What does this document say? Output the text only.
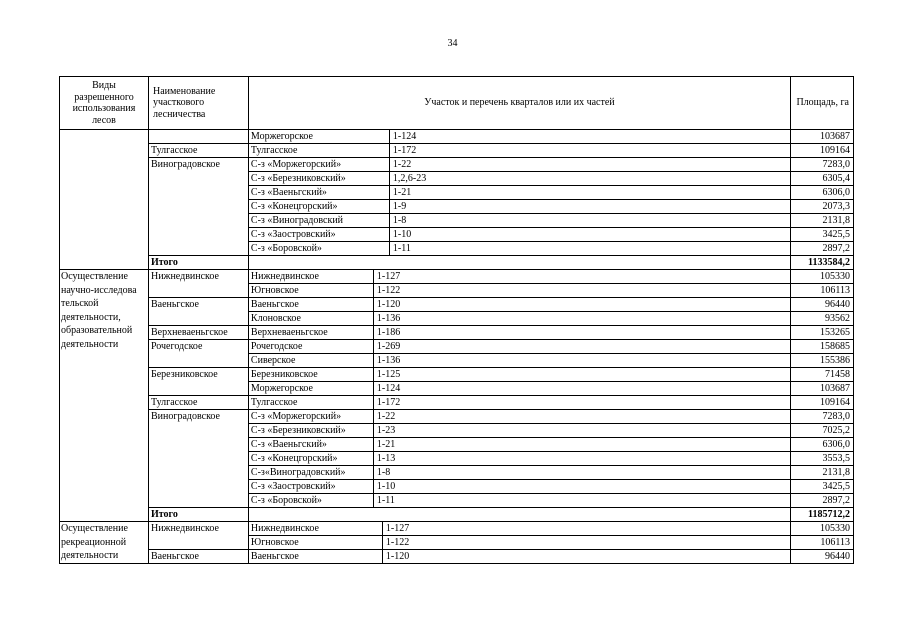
34
Виды разрешенного использования лесов	Наименование участкового лесничества	Участок и перечень кварталов или их частей	Площадь, га

		Моржегорское 1-124	103687
	Тулгасское	Тулгасское 1-172	109164
	Виноградовское	С-з «Моржегорский» 1-22	7283,0

		С-з «Березниковский» 1,2,6-23	6305,4

		С-з «Ваеньгский» 1-21	6306,0

		С-з «Конецгорский» 1-9	2073,3

		С-з «Виноградовский 1-8	2131,8

		С-з «Заостровский» 1-10	3425,5

		С-з «Боровской» 1-11	2897,2
	Итого		1133584,2
Осуществление научно-исследова тельской деятельности, образовательной деятельности	Нижнедвинское	Нижнедвинское 1-127	105330

		Югновское 1-122	106113
	Ваеньгское	Ваеньгское 1-120	96440

		Клоновское 1-136	93562
	Верхневаеньгское	Верхневаеньгское 1-186	153265
	Рочегодское	Рочегодское 1-269	158685

		Сиверское 1-136	155386
	Березниковское	Березниковское 1-125	71458

		Моржегорское 1-124	103687
	Тулгасское	Тулгасское 1-172	109164
	Виноградовское	С-з «Моржегорский» 1-22	7283,0

		С-з «Березниковский» 1-23	7025,2

		С-з «Ваеньгский» 1-21	6306,0

		С-з «Конецгорский» 1-13	3553,5

		С-з«Виноградовский» 1-8	2131,8

		С-з «Заостровский» 1-10	3425,5

		С-з «Боровской» 1-11	2897,2
	Итого		1185712,2
Осуществление рекреационной деятельности	Нижнедвинское	Нижнедвинское 1-127	105330

		Югновское 1-122	106113
	Ваеньгское	Ваеньгское 1-120	96440
